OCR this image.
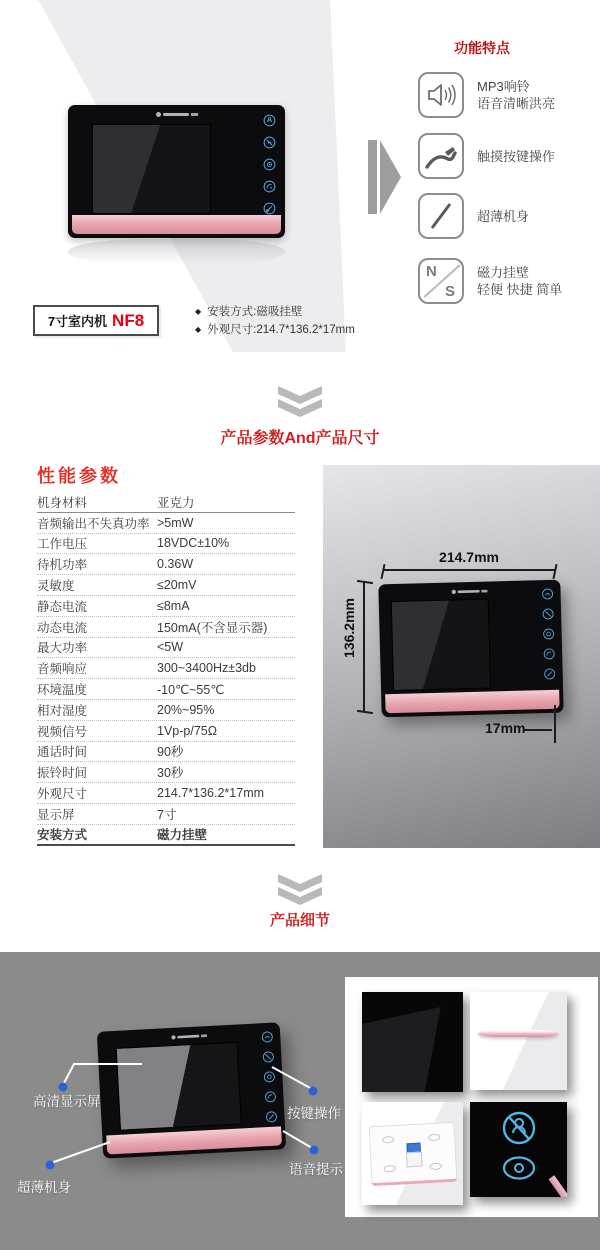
功能特点
MP3响铃
语音清晰洪亮
触摸按键操作
超薄机身
N
S
磁力挂壁
轻便 快捷 简单
7寸室内机 NF8	◆ 安装方式:磁吸挂壁
◆ 外观尺寸:214.7*136.2*17mm
产品参数And产品尺寸
性能参数
机身材料	亚克力
音频输出不失真功率 >5mW
工作电压	18VDC±10%
待机功率	0.36W
灵敏度	≤20mV
静态电流	≤8mA
动态电流	150mA(不含显示器)
最大功率	<5W
音频响应	300~3400Hz±3db
环境温度	-10℃~55℃
相对湿度	20%~95%
视频信号	1Vp-p/75Ω
通话时间	90秒
振铃时间	30秒
外观尺寸	214.7*136.2*17mm
显示屏	7寸
安装方式	磁力挂壁
214.7mm
136.2mm
17mm
产品细节
高清显示屏
按键操作
超薄机身
语音提示
